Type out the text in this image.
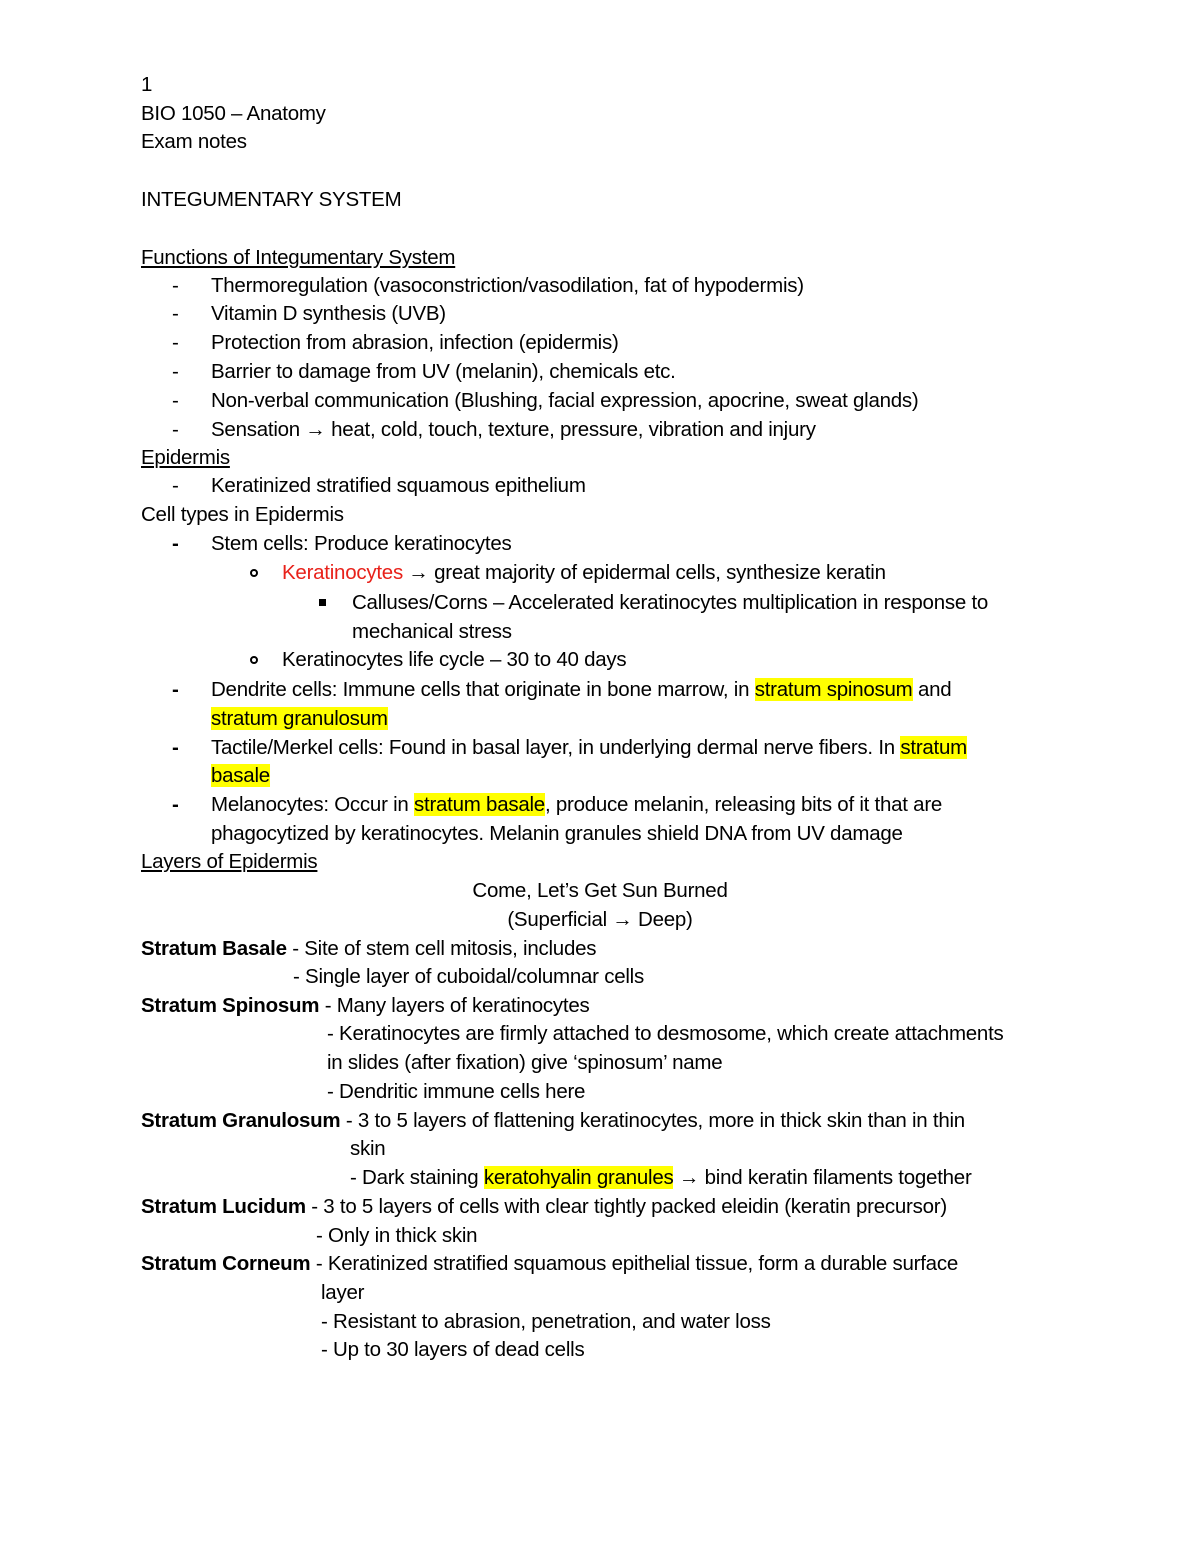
1
BIO 1050 – Anatomy
Exam notes
INTEGUMENTARY SYSTEM
Functions of Integumentary System
- Thermoregulation (vasoconstriction/vasodilation, fat of hypodermis)
- Vitamin D synthesis (UVB)
- Protection from abrasion, infection (epidermis)
- Barrier to damage from UV (melanin), chemicals etc.
- Non-verbal communication (Blushing, facial expression, apocrine, sweat glands)
- Sensation → heat, cold, touch, texture, pressure, vibration and injury
Epidermis
- Keratinized stratified squamous epithelium
Cell types in Epidermis
- Stem cells: Produce keratinocytes
Keratinocytes → great majority of epidermal cells, synthesize keratin
Calluses/Corns – Accelerated keratinocytes multiplication in response to
mechanical stress
Keratinocytes life cycle – 30 to 40 days
- Dendrite cells: Immune cells that originate in bone marrow, in stratum spinosum and
stratum granulosum
- Tactile/Merkel cells: Found in basal layer, in underlying dermal nerve fibers. In stratum
basale
- Melanocytes: Occur in stratum basale, produce melanin, releasing bits of it that are
phagocytized by keratinocytes. Melanin granules shield DNA from UV damage
Layers of Epidermis
Come, Let’s Get Sun Burned
(Superficial → Deep)
Stratum Basale - Site of stem cell mitosis, includes
- Single layer of cuboidal/columnar cells
Stratum Spinosum - Many layers of keratinocytes
- Keratinocytes are firmly attached to desmosome, which create attachments
in slides (after fixation) give ‘spinosum’ name
- Dendritic immune cells here
Stratum Granulosum - 3 to 5 layers of flattening keratinocytes, more in thick skin than in thin
skin
- Dark staining keratohyalin granules → bind keratin filaments together
Stratum Lucidum - 3 to 5 layers of cells with clear tightly packed eleidin (keratin precursor)
- Only in thick skin
Stratum Corneum - Keratinized stratified squamous epithelial tissue, form a durable surface
layer
- Resistant to abrasion, penetration, and water loss
- Up to 30 layers of dead cells
